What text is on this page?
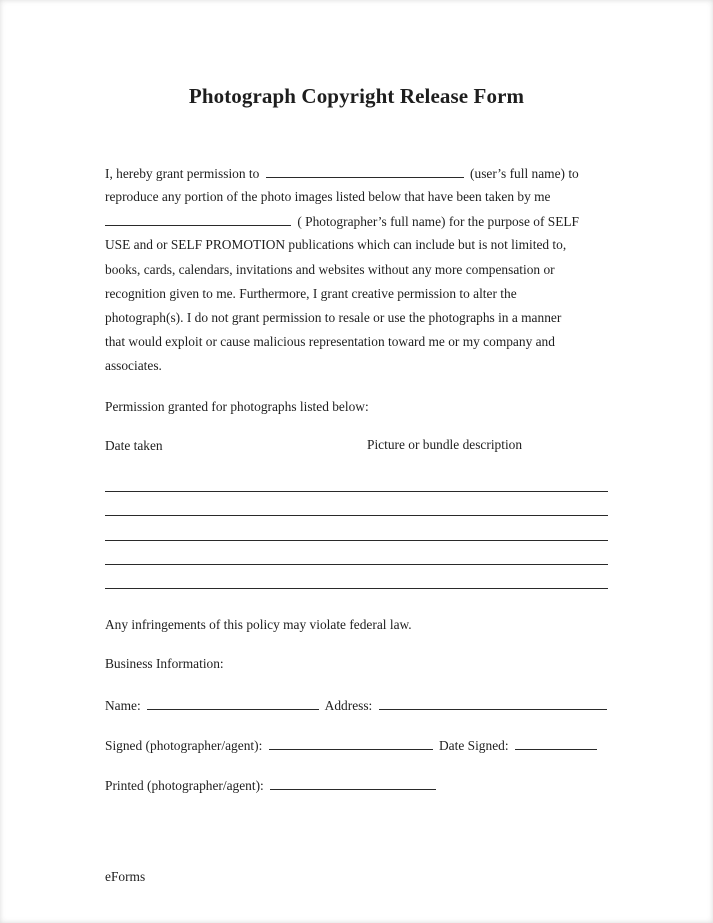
Photograph Copyright Release Form
I, hereby grant permission to	(user’s full name) to
reproduce any portion of the photo images listed below that have been taken by me
( Photographer’s full name) for the purpose of SELF
USE and or SELF PROMOTION publications which can include but is not limited to,
books, cards, calendars, invitations and websites without any more compensation or
recognition given to me. Furthermore, I grant creative permission to alter the
photograph(s). I do not grant permission to resale or use the photographs in a manner
that would exploit or cause malicious representation toward me or my company and
associates.
Permission granted for photographs listed below:
Date taken	Picture or bundle description
Any infringements of this policy may violate federal law.
Business Information:
Name:	Address:
Signed (photographer/agent):	Date Signed:
Printed (photographer/agent):
eForms
